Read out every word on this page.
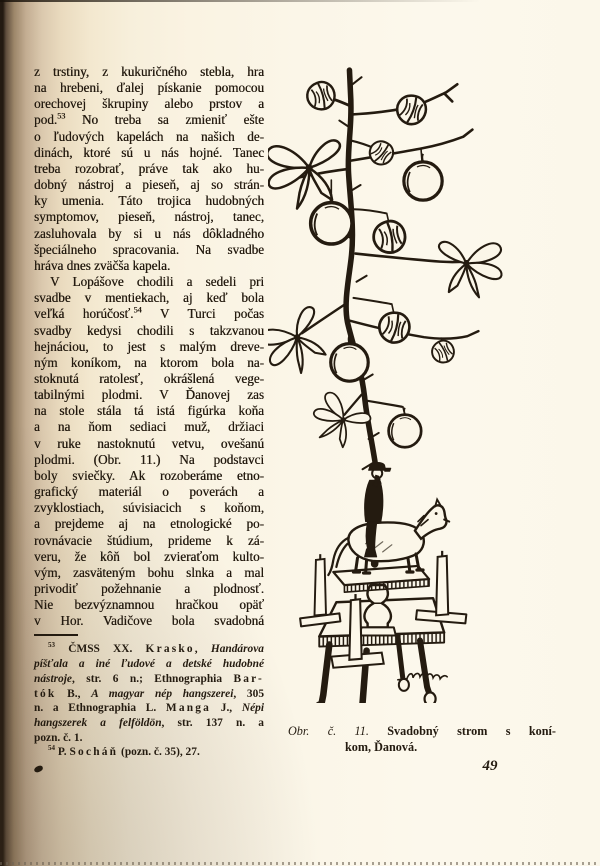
z trstiny, z kukuričného stebla, hra
na hrebeni, ďalej pískanie pomocou
orechovej škrupiny alebo prstov a
pod.$^{53}$ No treba sa zmieniť ešte
o ľudových kapelách na našich de-
dinách, ktoré sú u nás hojné. Tanec
treba rozobrať, práve tak ako hu-
dobný nástroj a pieseň, aj so strán-
ky umenia. Táto trojica hudobných
symptomov, pieseň, nástroj, tanec,
zasluhovala by si u nás dôkladného
špeciálneho spracovania. Na svadbe
hráva dnes zväčša kapela.
V Lopášove chodili a sedeli pri
svadbe v mentiekach, aj keď bola
veľká horúčosť.$^{54}$ V Turci počas
svadby kedysi chodili s takzvanou
hejnáciou, to jest s malým dreve-
ným koníkom, na ktorom bola na-
stoknutá ratolesť, okrášlená vege-
tabilnými plodmi. V Ďanovej zas
na stole stála tá istá figúrka koňa
a na ňom sediaci muž, držiaci
v ruke nastoknutú vetvu, ovešanú
plodmi. (Obr. 11.) Na podstavci
boly sviečky. Ak rozoberáme etno-
grafický materiál o poverách a
zvyklostiach, súvisiacich s koňom,
a prejdeme aj na etnologické po-
rovnávacie štúdium, prideme k zá-
veru, že kôň bol zvieraťom kulto-
vým, zasväteným bohu slnka a mal
privodiť požehnanie a plodnosť.
Nie bezvýznamnou hračkou opäť
v Hor. Vadičove bola svadobná
$^{53}$ ČMSS XX. Krasko, Handárova
píšťala a iné ľudové a detské hudobné
nástroje, str. 6 n.; Ethnographia Bar-
tók B., A magyar nép hangszerei, 305
n. a Ethnographia L. Manga J., Népi
hangszerek a felföldön, str. 137 n. a
pozn. č. 1.
$^{54}$ P. Socháň (pozn. č. 35), 27.
Obr. č. 11. Svadobný strom s koní-
kom, Ďanová.
49
